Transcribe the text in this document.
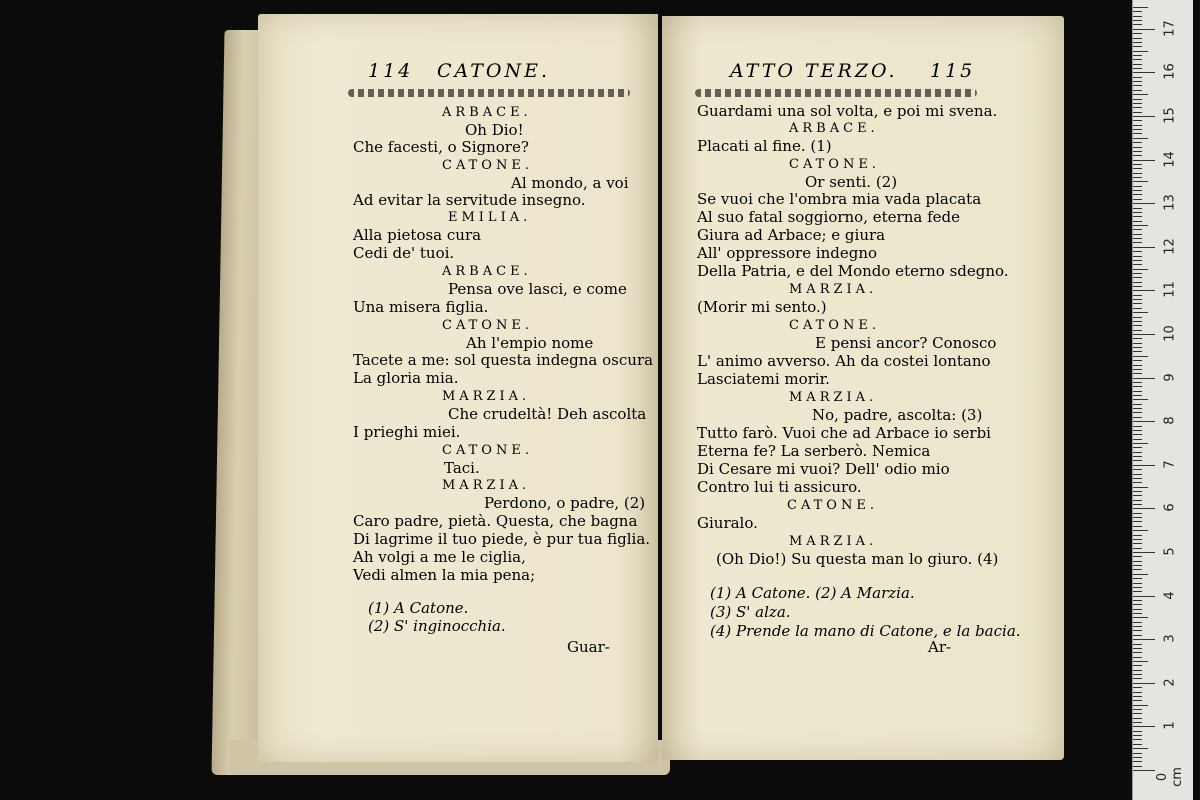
114 CATONE.	ATTO TERZO. 115
ARBACE.
Oh Dio!
Che facesti, o Signore?
CATONE.
Al mondo, a voi
Ad evitar la servitude insegno.
EMILIA.
Alla pietosa cura
Cedi de' tuoi.
ARBACE.
Pensa ove lasci, e come
Una misera figlia.
CATONE.
Ah l'empio nome
Tacete a me: sol questa indegna oscura
La gloria mia.
MARZIA.
Che crudeltà! Deh ascolta
I prieghi miei.
CATONE.
Taci.
MARZIA.
Perdono, o padre, (2)
Caro padre, pietà. Questa, che bagna
Di lagrime il tuo piede, è pur tua figlia.
Ah volgi a me le ciglia,
Vedi almen la mia pena;
(1) A Catone.
(2) S' inginocchia.
Guardami una sol volta, e poi mi svena.
ARBACE.
Placati al fine. (1)
CATONE.
Or senti. (2)
Se vuoi che l'ombra mia vada placata
Al suo fatal soggiorno, eterna fede
Giura ad Arbace; e giura
All' oppressore indegno
Della Patria, e del Mondo eterno sdegno.
MARZIA.
(Morir mi sento.)
CATONE.
E pensi ancor? Conosco
L' animo avverso. Ah da costei lontano
Lasciatemi morir.
MARZIA.
No, padre, ascolta: (3)
Tutto farò. Vuoi che ad Arbace io serbi
Eterna fe? La serberò. Nemica
Di Cesare mi vuoi? Dell' odio mio
Contro lui ti assicuro.
CATONE.
Giuralo.
MARZIA.
(Oh Dio!) Su questa man lo giuro. (4)
(1) A Catone. (2) A Marzia.
(3) S' alza.
(4) Prende la mano di Catone, e la bacia.
Guar-	Ar-
0 cm
1
2
3
4
5
6
7
8
9
10
11
12
13
14
15
16
17
